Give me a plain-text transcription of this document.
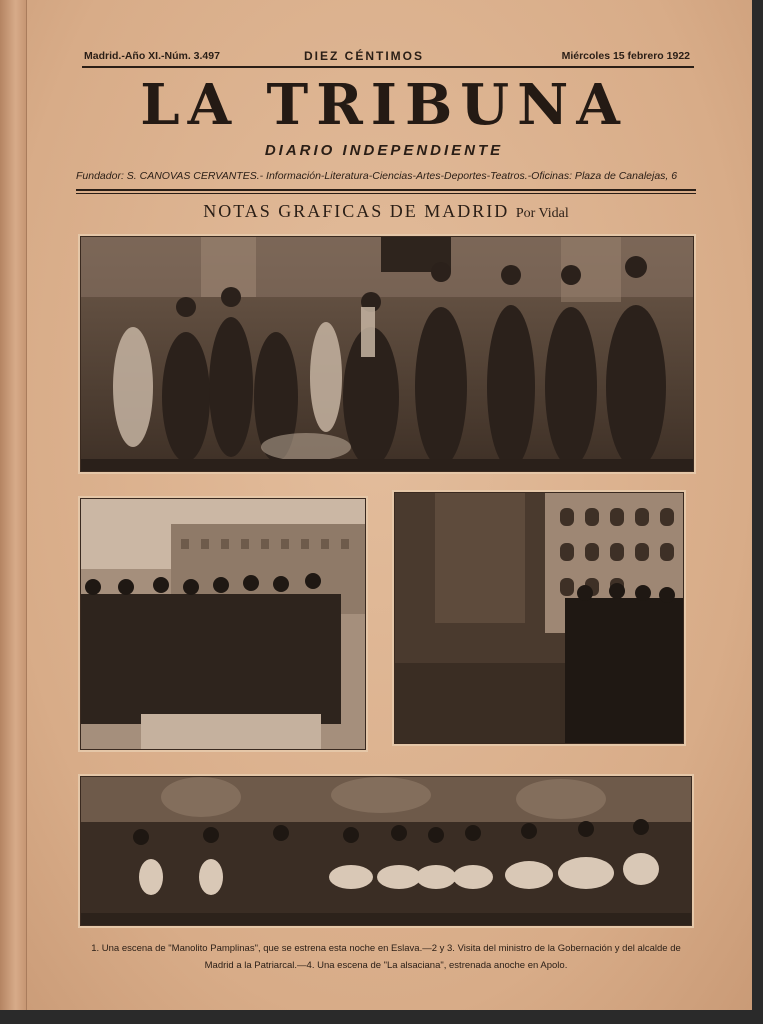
Madrid.-Año XI.-Núm. 3.497	DIEZ CÉNTIMOS	Miércoles 15 febrero 1922
LA TRIBUNA
DIARIO INDEPENDIENTE
Fundador: S. CANOVAS CERVANTES.- Información-Literatura-Ciencias-Artes-Deportes-Teatros.-Oficinas: Plaza de Canalejas, 6
NOTAS GRAFICAS DE MADRID Por Vidal
1. Una escena de "Manolito Pamplinas", que se estrena esta noche en Eslava.—2 y 3. Visita del ministro de la Gobernación y del alcalde de Madrid a la Patriarcal.—4. Una escena de "La alsaciana", estrenada anoche en Apolo.
